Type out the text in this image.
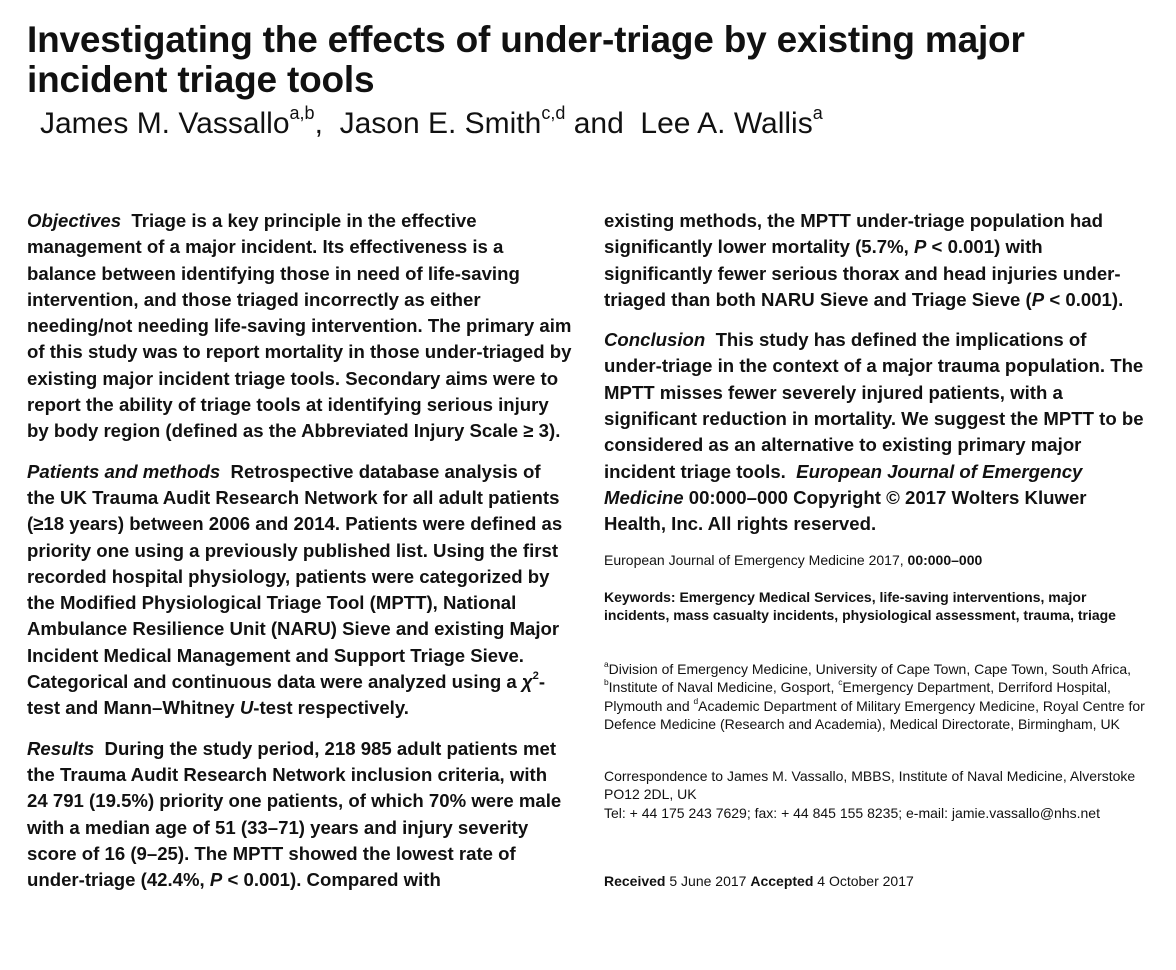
Investigating the effects of under-triage by existing major
incident triage tools
James M. Vassallo$^{a,b}$,  Jason E. Smith$^{c,d}$ and  Lee A. Wallis$^a$

Objectives Triage is a key principle in the effective management of a major incident. Its effectiveness is a balance between identifying those in need of life-saving intervention, and those triaged incorrectly as either needing/not needing life-saving intervention. The primary aim of this study was to report mortality in those under-triaged by existing major incident triage tools. Secondary aims were to report the ability of triage tools at identifying serious injury by body region (defined as the Abbreviated Injury Scale ≥ 3).

Patients and methods Retrospective database analysis of the UK Trauma Audit Research Network for all adult patients (≥18 years) between 2006 and 2014. Patients were defined as priority one using a previously published list. Using the first recorded hospital physiology, patients were categorized by the Modified Physiological Triage Tool (MPTT), National Ambulance Resilience Unit (NARU) Sieve and existing Major Incident Medical Management and Support Triage Sieve. Categorical and continuous data were analyzed using a $\chi^2$-test and Mann–Whitney U-test respectively.

Results During the study period, 218 985 adult patients met the Trauma Audit Research Network inclusion criteria, with 24 791 (19.5%) priority one patients, of which 70% were male with a median age of 51 (33–71) years and injury severity score of 16 (9–25). The MPTT showed the lowest rate of under-triage (42.4%, P < 0.001). Compared with

existing methods, the MPTT under-triage population had significantly lower mortality (5.7%, P < 0.001) with significantly fewer serious thorax and head injuries under-triaged than both NARU Sieve and Triage Sieve (P < 0.001).

Conclusion This study has defined the implications of under-triage in the context of a major trauma population. The MPTT misses fewer severely injured patients, with a significant reduction in mortality. We suggest the MPTT to be considered as an alternative to existing primary major incident triage tools. European Journal of Emergency Medicine 00:000–000 Copyright © 2017 Wolters Kluwer Health, Inc. All rights reserved.

European Journal of Emergency Medicine 2017, 00:000–000
Keywords: Emergency Medical Services, life-saving interventions, major incidents, mass casualty incidents, physiological assessment, trauma, triage
$^a$Division of Emergency Medicine, University of Cape Town, Cape Town, South Africa, $^b$Institute of Naval Medicine, Gosport, $^c$Emergency Department, Derriford Hospital, Plymouth and $^d$Academic Department of Military Emergency Medicine, Royal Centre for Defence Medicine (Research and Academia), Medical Directorate, Birmingham, UK

Correspondence to James M. Vassallo, MBBS, Institute of Naval Medicine, Alverstoke PO12 2DL, UK

Tel: + 44 175 243 7629; fax: + 44 845 155 8235; e-mail: jamie.vassallo@nhs.net

Received 5 June 2017 Accepted 4 October 2017
